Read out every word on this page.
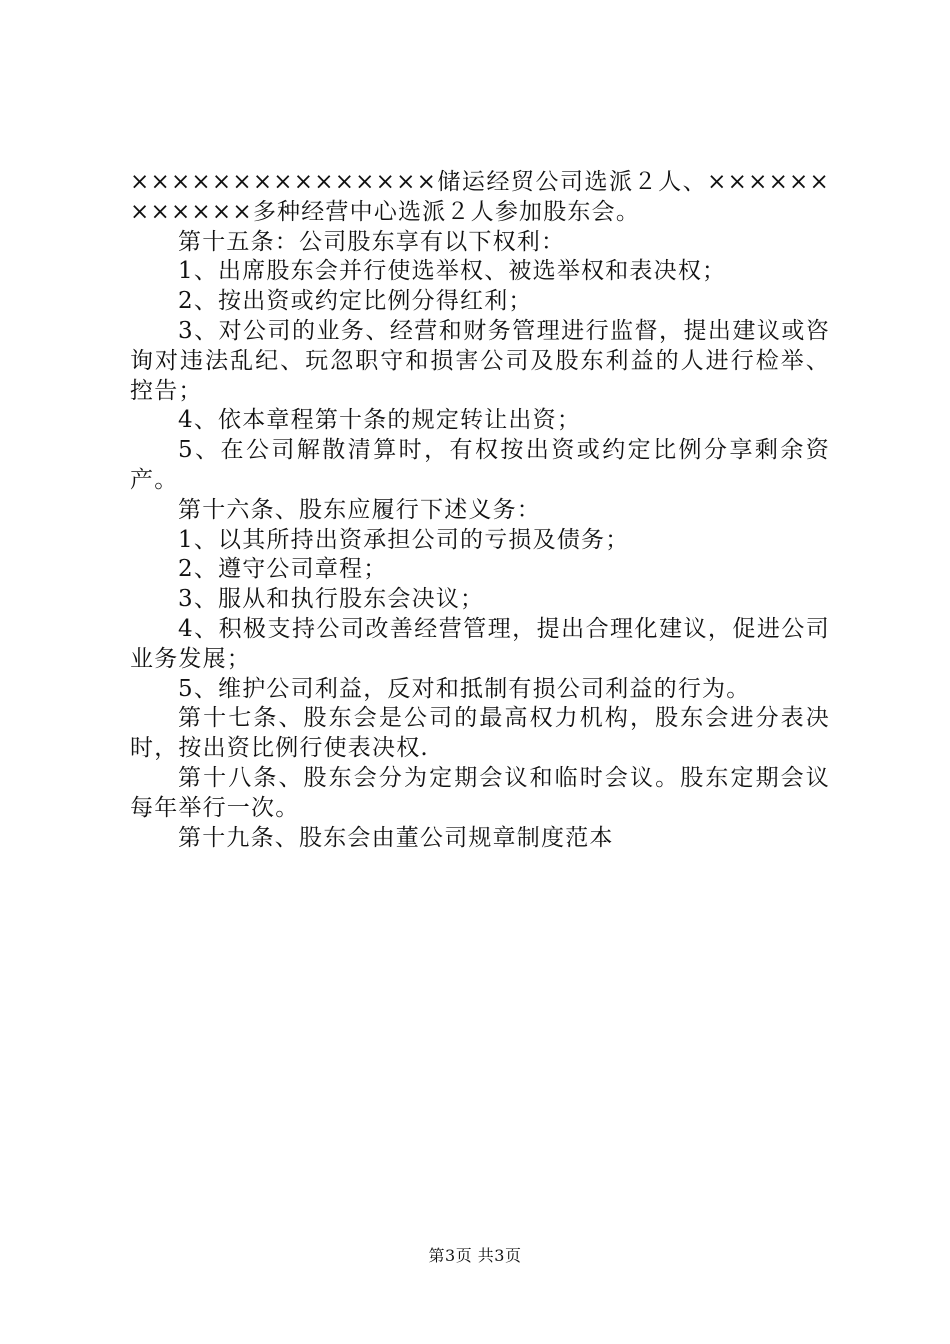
×××××××××××××××储运经贸公司选派２人、××××××××××××多种经营中心选派２人参加股东会。

第十五条：公司股东享有以下权利：

1、出席股东会并行使选举权、被选举权和表决权；

2、按出资或约定比例分得红利；

3、对公司的业务、经营和财务管理进行监督，提出建议或咨询对违法乱纪、玩忽职守和损害公司及股东利益的人进行检举、控告；

4、依本章程第十条的规定转让出资；

5、在公司解散清算时，有权按出资或约定比例分享剩余资产。

第十六条、股东应履行下述义务：

1、以其所持出资承担公司的亏损及债务；

2、遵守公司章程；

3、服从和执行股东会决议；

4、积极支持公司改善经营管理，提出合理化建议，促进公司业务发展；

5、维护公司利益，反对和抵制有损公司利益的行为。

第十七条、股东会是公司的最高权力机构，股东会进分表决时，按出资比例行使表决权.

第十八条、股东会分为定期会议和临时会议。股东定期会议每年举行一次。

第十九条、股东会由董公司规章制度范本

第3页 共3页
